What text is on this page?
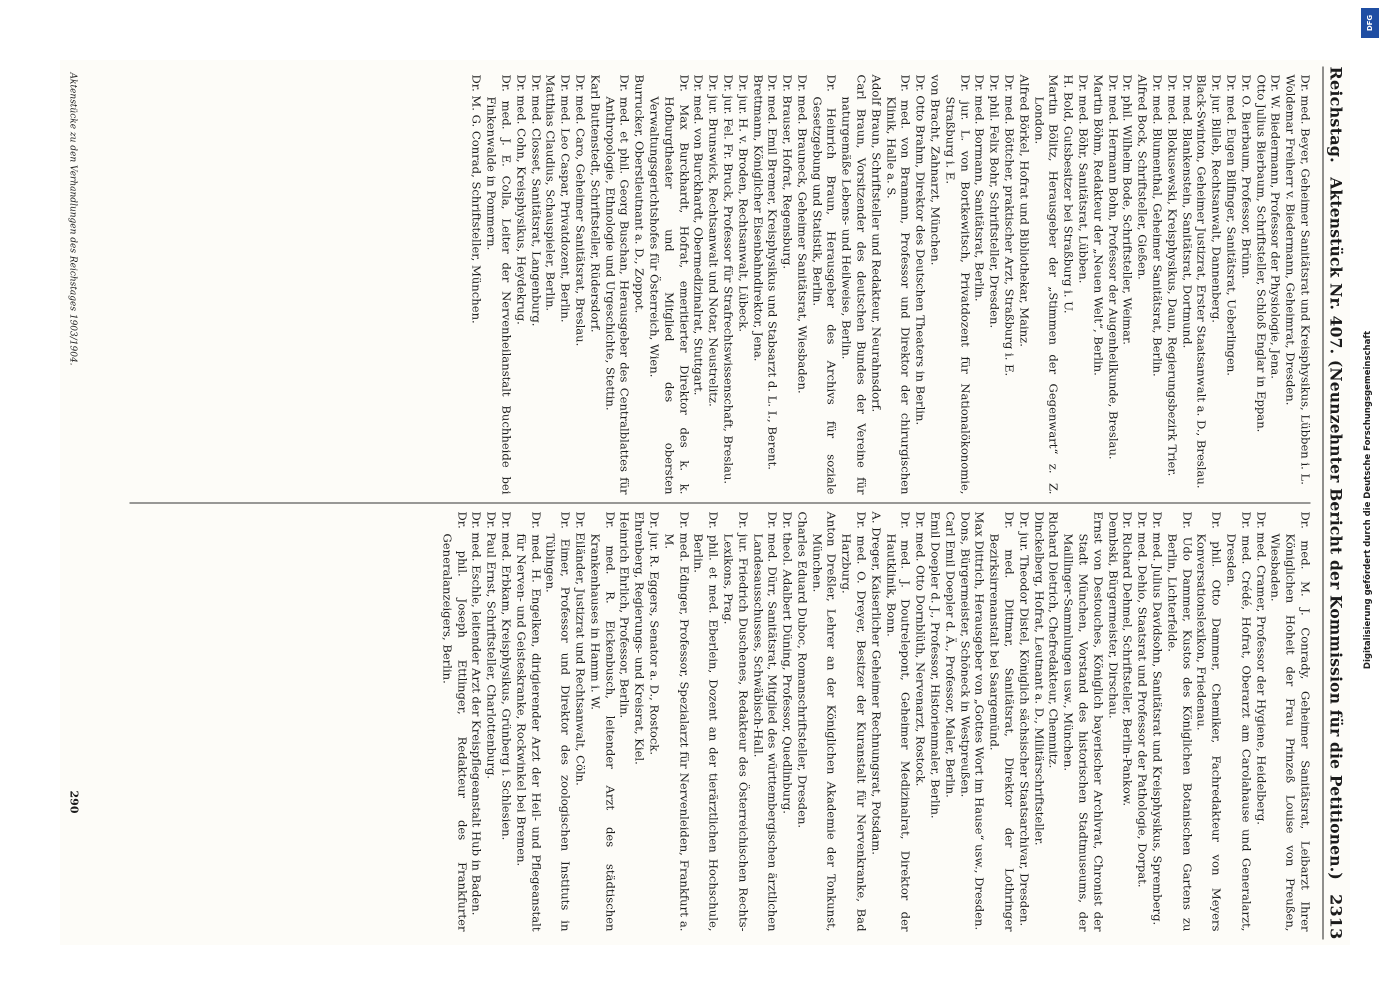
Reichstag.
Aktenstück Nr. 407. (Neunzehnter Bericht der Kommission für die Petitionen.)
2313

Dr. med. Beyer, Geheimer Sanitätsrat und Kreisphysikus, Lübben i. L.

Woldemar Freiherr v. Biedermann, Geheimrat, Dresden.

Dr. W. Biedermann, Professor der Physiologie, Jena.

Otto Julius Bierbaum, Schriftsteller, Schloß Englar in Eppan.

Dr. O. Bierbaum, Professor, Brünn.

Dr. med. Eugen Bilfinger, Sanitätsrat, Ueberlingen.

Dr. jur. Billeb, Rechtsanwalt, Dannenberg.

Black-Swinton, Geheimer Justizrat, Erster Staatsanwalt a. D., Breslau.

Dr. med. Blankenstein, Sanitätsrat, Dortmund.

Dr. med. Blokusewski, Kreisphysikus, Daun, Regierungsbezirk Trier.

Dr. med. Blumenthal, Geheimer Sanitätsrat, Berlin.

Alfred Bock, Schriftsteller, Gießen.

Dr. phil. Wilhelm Bode, Schriftsteller, Weimar.

Dr. med. Hermann Bohn, Professor der Augenheilkunde, Breslau.

Martin Böhm, Redakteur der „Neuen Welt“, Berlin.

Dr. med. Böhr, Sanitätsrat, Lübben.

H. Bold, Gutsbesitzer bei Straßburg i. U.

Martin Bölitz, Herausgeber der „Stimmen der Gegenwart“ z. Z. London.

Alfred Börkel, Hofrat und Bibliothekar, Mainz.

Dr. med. Böttcher, praktischer Arzt, Straßburg i. E.

Dr. phil. Felix Bohr, Schriftsteller, Dresden.

Dr. med. Bormann, Sanitätsrat, Berlin.

Dr. jur. L. von Bortkewitsch, Privatdozent für Nationalökonomie, Straßburg i. E.

von Bracht, Zahnarzt, München.

Dr. Otto Brahm, Direktor des Deutschen Theaters in Berlin.

Dr. med. von Bramann, Professor und Direktor der chirurgischen Klinik, Halle a. S.

Adolf Braun, Schriftsteller und Redakteur, Neurahnsdorf.

Carl Braun, Vorsitzender des deutschen Bundes der Vereine für naturgemäße Lebens- und Heilweise, Berlin.

Dr. Heinrich Braun, Herausgeber des Archivs für soziale Gesetzgebung und Statistik, Berlin.

Dr. med. Brauneck, Geheimer Sanitätsrat, Wiesbaden.

Dr. Brauser, Hofrat, Regensburg.

Dr. med. Emil Bremer, Kreisphysikus und Stabsarzt d. L. I., Berent.

Brettmann, Königlicher Eisenbahndirektor, Jena.

Dr. jur. H. v. Broden, Rechtsanwalt, Lübeck.

Dr. jur. Fel. Fr. Bruck, Professor für Strafrechtswissenschaft, Breslau.

Dr. jur. Brunswick, Rechtsanwalt und Notar, Neustrelitz.

Dr. med. von Burckhardt, Obermedizinalrat, Stuttgart.

Dr. Max Burckhardt, Hofrat, emeritierter Direktor des k. k. Hofburgtheater und Mitglied des obersten Verwaltungsgerichtshofes für Österreich, Wien.

Burrucker, Oberstleutnant a. D., Zoppot.

Dr. med. et phil. Georg Buschan, Herausgeber des Centralblattes für Anthropologie, Ethnologie und Urgeschichte, Stettin.

Karl Buttenstedt, Schriftsteller, Rüdersdorf.

Dr. med. Caro, Geheimer Sanitätsrat, Breslau.

Dr. med. Leo Caspar, Privatdozent, Berlin.

Matthias Claudius, Schauspieler, Berlin.

Dr. med. Closset, Sanitätsrat, Langenburg.

Dr. med. Cohn, Kreisphysikus, Heydekrug.

Dr. med. J. E. Colla, Leiter der Nervenheilanstalt Buchheide bei Finkenwalde in Pommern.

Dr. M. G. Conrad, Schriftsteller, München.

Dr. med. M. J. Conrady, Geheimer Sanitätsrat, Leibarzt Ihrer Königlichen Hoheit der Frau Prinzeß Louise von Preußen, Wiesbaden.

Dr. med. Cramer, Professor der Hygiene, Heidelberg.

Dr. med. Crédé, Hofrat, Oberarzt am Carolahause und Generalarzt, Dresden.

Dr. phil. Otto Dammer, Chemiker, Fachredakteur von Meyers Konversationslexikon, Friedenau.

Dr. Udo Dammer, Kustos des Königlichen Botanischen Gartens zu Berlin, Lichterfelde.

Dr. med. Julius Davidsohn, Sanitätsrat und Kreisphysikus, Spremberg.

Dr. med. Dehio, Staatsrat und Professor der Pathologie, Dorpat.

Dr. Richard Dehmel, Schriftsteller, Berlin-Pankow.

Dembski, Bürgermeister, Dirschau.

Ernst von Destouches, Königlich bayerischer Archivrat, Chronist der Stadt München, Vorstand des historischen Stadtmuseums, der Maillinger-Sammlungen usw., München.

Richard Dietrich, Chefredakteur, Chemnitz.

Dinckelberg, Hofrat, Leutnant a. D., Militärschriftsteller.

Dr. jur. Theodor Distel, Königlich sächsischer Staatsarchivar, Dresden.

Dr. med. Dittmar, Sanitätsrat, Direktor der Lothringer Bezirksirrenanstalt bei Saargemünd.

Max Dittrich, Herausgeber von „Gottes Wort im Hause“ usw., Dresden.

Dons, Bürgermeister, Schöneck in Westpreußen.

Carl Emil Doepler d. Ä., Professor, Maler, Berlin.

Emil Doepler d. J., Professor, Historienmaler, Berlin.

Dr. med. Otto Dornblüth, Nervenarzt, Rostock.

Dr. med. J. Doutrelepont, Geheimer Medizinalrat, Direktor der Hautklinik, Bonn.

A. Dreger, Kaiserlicher Geheimer Rechnungsrat, Potsdam.

Dr. med. O. Dreyer, Besitzer der Kuranstalt für Nervenkranke, Bad Harzburg.

Anton Dreßler, Lehrer an der Königlichen Akademie der Tonkunst, München.

Charles Eduard Duboc, Romanschriftsteller, Dresden.

Dr. theol. Adalbert Düning, Professor, Quedlinburg.

Dr. med. Dürr, Sanitätsrat, Mitglied des württembergischen ärztlichen Landesausschusses, Schwäbisch-Hall.

Dr. jur. Friedrich Duschenes, Redakteur des Österreichischen Rechts-Lexikons, Prag.

Dr. phil. et med. Eberlein, Dozent an der tierärztlichen Hochschule, Berlin.

Dr. med. Edinger, Professor, Spezialarzt für Nervenleiden, Frankfurt a. M.

Dr. jur. R. Eggers, Senator a. D., Rostock.

Ehrenberg, Regierungs- und Kreisrat, Kiel.

Heinrich Ehrlich, Professor, Berlin.

Dr. med. R. Eickenbusch, leitender Arzt des städtischen Krankenhauses in Hamm i. W.

Dr. Eiländer, Justizrat und Rechtsanwalt, Cöln.

Dr. Eimer, Professor und Direktor des zoologischen Instituts in Tübingen.

Dr. med. H. Engelken, dirigierender Arzt der Heil- und Pflegeanstalt für Nerven- und Geisteskranke, Rockwinkel bei Bremen.

Dr. med. Erbkam, Kreisphysikus, Grünberg i. Schlesien.

Dr. Paul Ernst, Schriftsteller, Charlottenburg.

Dr. med. Eschle, leitender Arzt der Kreispflegeanstalt Hub in Baden.

Dr. phil. Joseph Ettlinger, Redakteur des Frankfurter Generalanzeigers, Berlin.

Aktenstücke zu den Verhandlungen des Reichstages 1903/1904.
290
DFG
Digitalisierung gefördert durch die Deutsche Forschungsgemeinschaft
